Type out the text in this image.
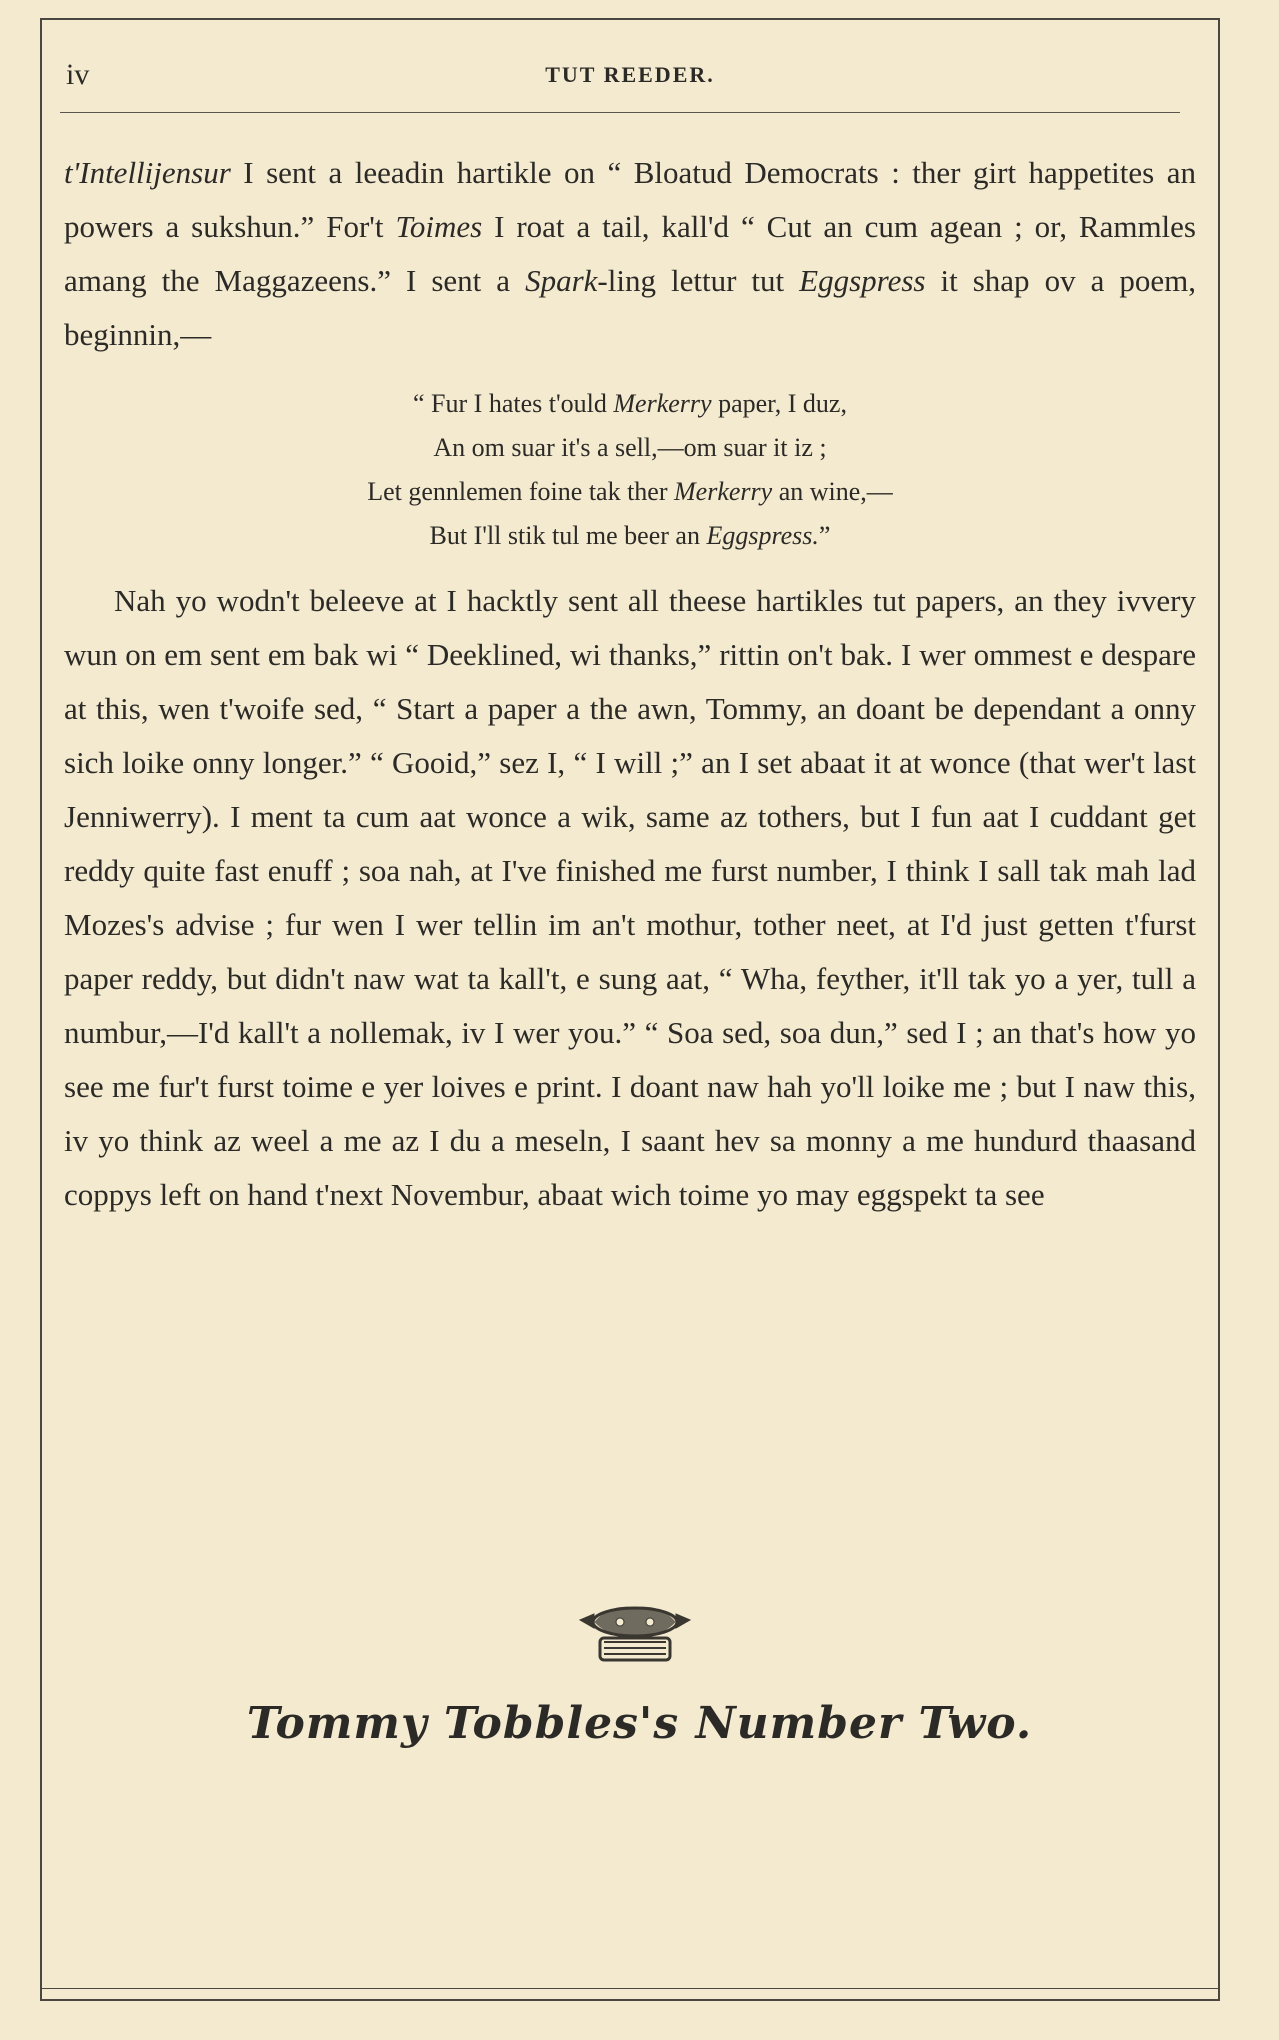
iv	TUT REEDER.

t'Intellijensur I sent a leeadin hartikle on “ Bloatud Democrats : ther girt happetites an powers a sukshun.” For't Toimes I roat a tail, kall'd “ Cut an cum agean ; or, Rammles amang the Maggazeens.” I sent a Spark-ling lettur tut Eggspress it shap ov a poem, beginnin,—

“ Fur I hates t'ould Merkerry paper, I duz,
An om suar it's a sell,—om suar it iz ;
Let gennlemen foine tak ther Merkerry an wine,—
But I'll stik tul me beer an Eggspress.”

Nah yo wodn't beleeve at I hacktly sent all theese hartikles tut papers, an they ivvery wun on em sent em bak wi “ Deeklined, wi thanks,” rittin on't bak. I wer ommest e despare at this, wen t'woife sed, “ Start a paper a the awn, Tommy, an doant be dependant a onny sich loike onny longer.” “ Gooid,” sez I, “ I will ;” an I set abaat it at wonce (that wer't last Jenniwerry). I ment ta cum aat wonce a wik, same az tothers, but I fun aat I cuddant get reddy quite fast enuff ; soa nah, at I've finished me furst number, I think I sall tak mah lad Mozes's advise ; fur wen I wer tellin im an't mothur, tother neet, at I'd just getten t'furst paper reddy, but didn't naw wat ta kall't, e sung aat, “ Wha, feyther, it'll tak yo a yer, tull a numbur,—I'd kall't a nollemak, iv I wer you.” “ Soa sed, soa dun,” sed I ; an that's how yo see me fur't furst toime e yer loives e print. I doant naw hah yo'll loike me ; but I naw this, iv yo think az weel a me az I du a meseln, I saant hev sa monny a me hundurd thaasand coppys left on hand t'next Novembur, abaat wich toime yo may eggspekt ta see

Tommy Tobbles's Number Two.
